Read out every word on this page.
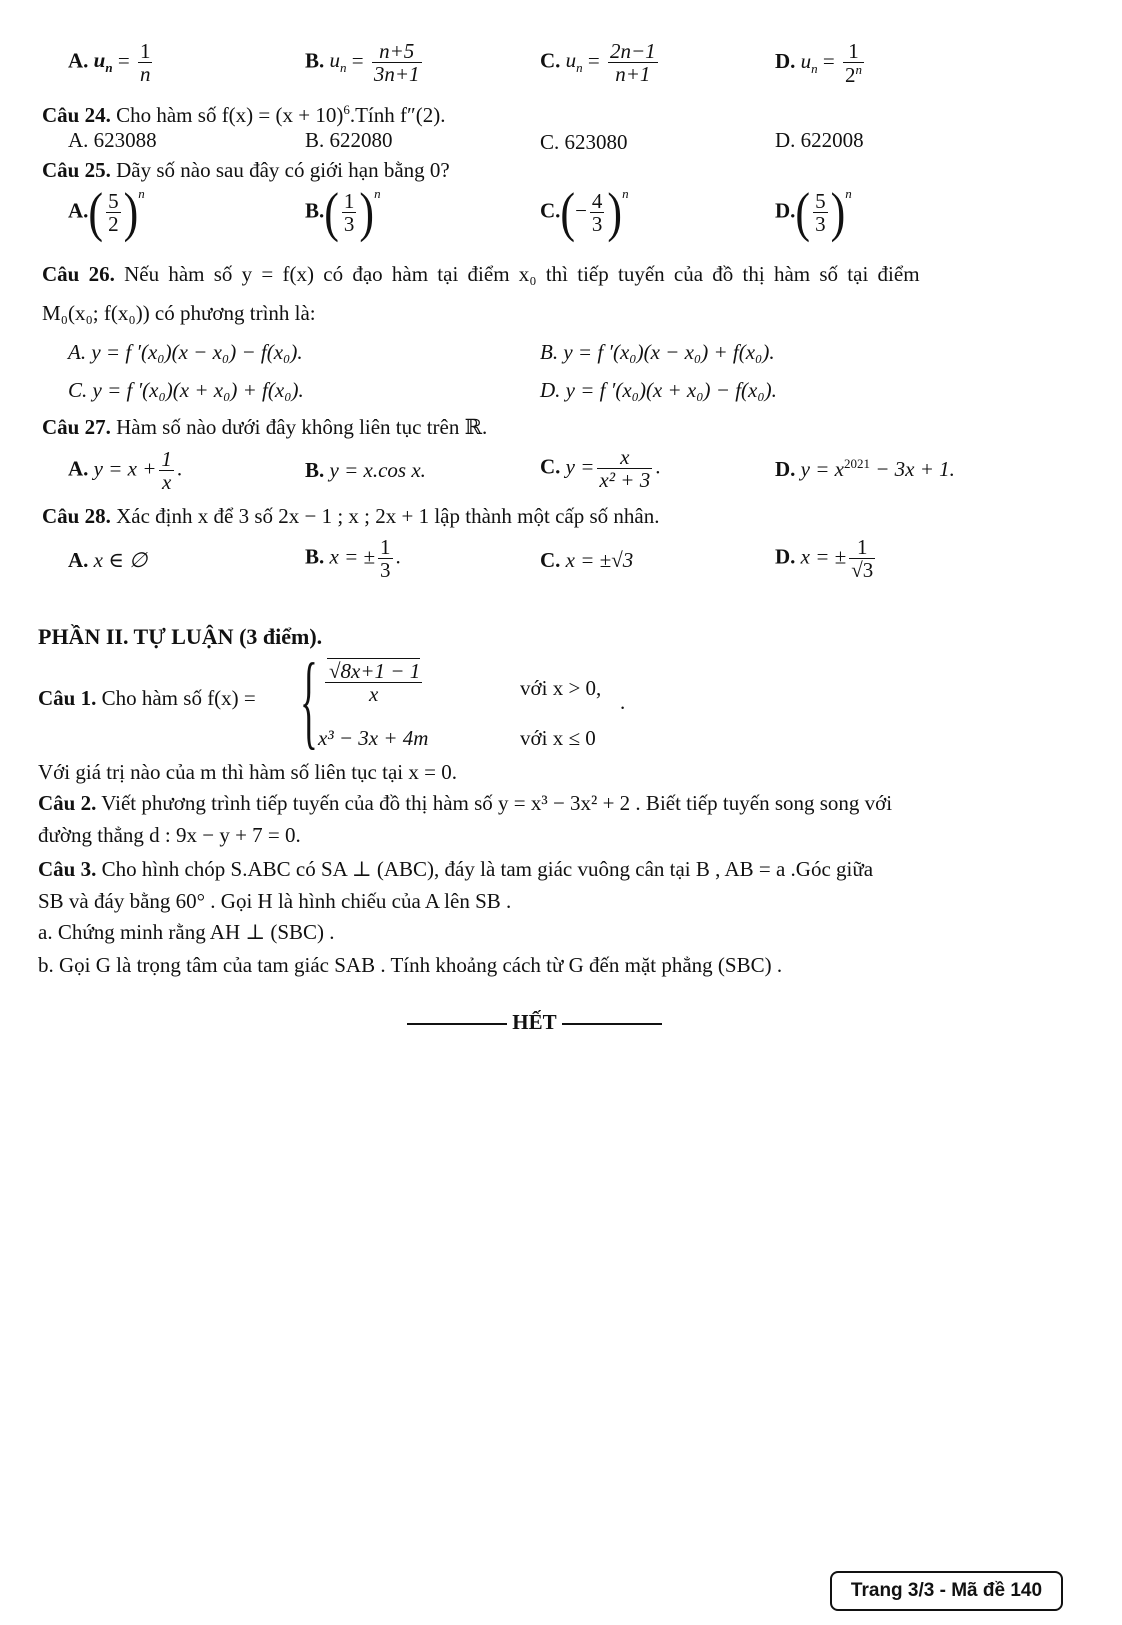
A. $u_n = \frac{1}{n}$	B. $u_n = \frac{n+5}{3n+1}$	C. $u_n = \frac{2n-1}{n+1}$	D. $u_n = \frac{1}{2^n}$
Câu 24. Cho hàm số $f(x) = (x + 10)^6.Tính$ f″(2).
A. 623088	B. 622080	C. 623080	D. 622008
Câu 25. Dãy số nào sau đây có giới hạn bằng 0?
$A.( \frac{5}{2} )n$
$B.( \frac{1}{3} )n$
$C.(- \frac{4}{3} )n$
$D.( \frac{5}{3} )n$
Câu 26. Nếu hàm số y = f(x) có đạo hàm tại điểm x₀ thì tiếp tuyến của đồ thị hàm số tại điểm
M₀(x₀; f(x₀)) có phương trình là:
A. y = f ′(x₀)(x − x₀) − f(x₀).	B. y = f ′(x₀)(x − x₀) + f(x₀).
C. y = f ′(x₀)(x + x₀) + f(x₀).	D. y = f ′(x₀)(x + x₀) − f(x₀).
Câu 27. Hàm số nào dưới đây không liên tục trên ℝ.
A. $y = x + \frac{1}{x}$ .	B. y = x.cos x.	C. $y = \frac{x}{\text{x² + 3}}$ .	D. $y = x^{2021} - 3x + 1$.
Câu 28. Xác định x để 3 số 2x − 1 ; x ; 2x + 1 lập thành một cấp số nhân.
A. x ∈ ∅	B. x = ± $\frac{1}{3}$ .	C. x = ±√3	D. x = ± $\frac{1}{√3}$
PHẦN II. TỰ LUẬN (3 điểm).
Câu 1. Cho hàm số f(x) = { $\frac{√8x+1 - 1}{x}$	với x > 0,
.
x³ − 3x + 4m	với x ≤ 0
Với giá trị nào của m thì hàm số liên tục tại x = 0.
Câu 2. Viết phương trình tiếp tuyến của đồ thị hàm số y = x³ − 3x² + 2 . Biết tiếp tuyến song song với
đường thẳng d : 9x − y + 7 = 0.
Câu 3. Cho hình chóp S.ABC có SA ⊥ (ABC), đáy là tam giác vuông cân tại B , AB = a .Góc giữa
SB và đáy bằng 60° . Gọi H là hình chiếu của A lên SB .
a. Chứng minh rằng AH ⊥ (SBC) .
b. Gọi G là trọng tâm của tam giác SAB . Tính khoảng cách từ G đến mặt phẳng (SBC) .
HẾT
Trang 3/3 - Mã đề 140
